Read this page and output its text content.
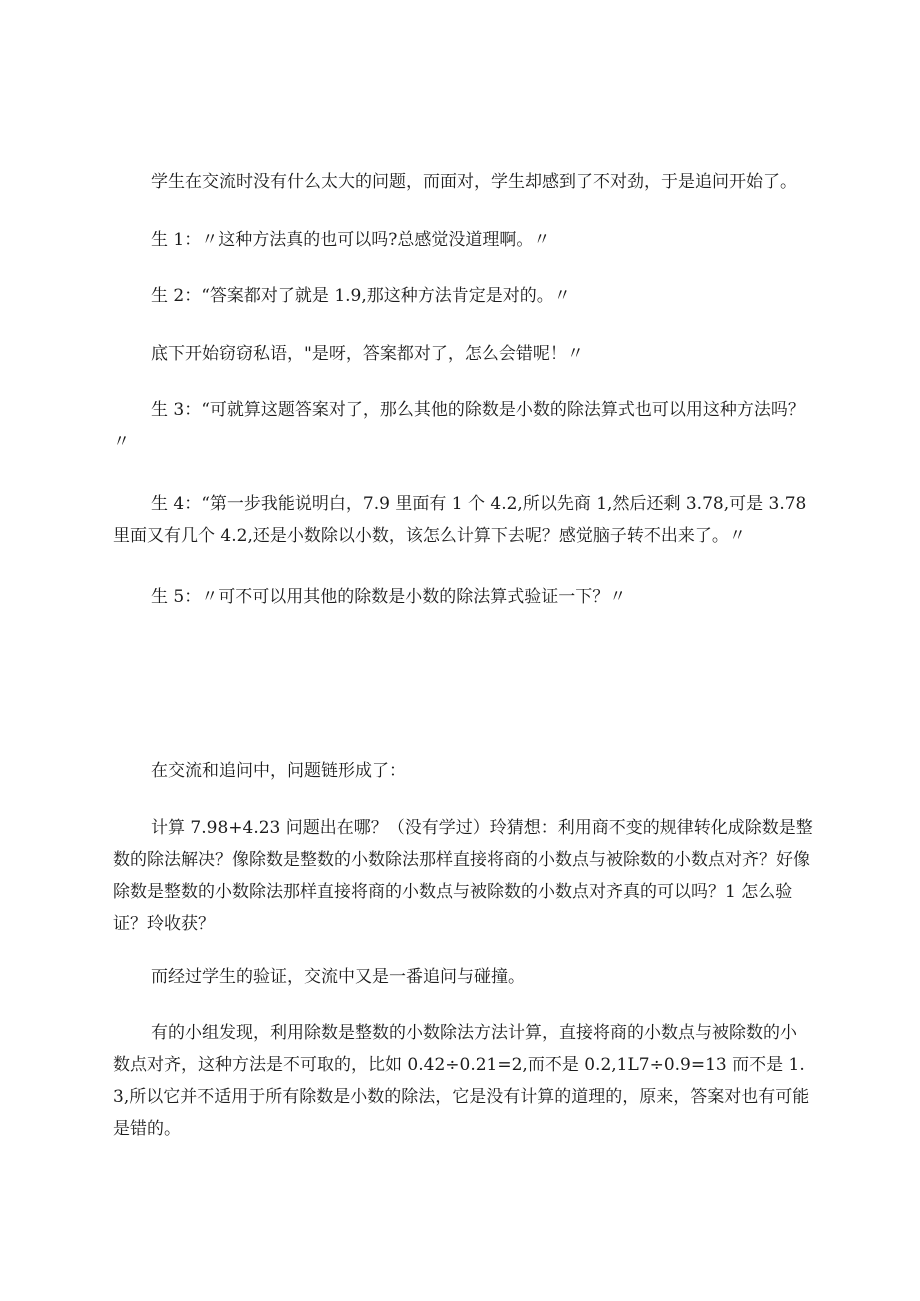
学生在交流时没有什么太大的问题，而面对，学生却感到了不对劲，于是追问开始了。

生 1：〃这种方法真的也可以吗?总感觉没道理啊。〃

生 2：“答案都对了就是 1.9,那这种方法肯定是对的。〃

底下开始窃窃私语，"是呀，答案都对了，怎么会错呢！〃

生 3：“可就算这题答案对了，那么其他的除数是小数的除法算式也可以用这种方法吗？〃

生 4：“第一步我能说明白，7.9 里面有 1 个 4.2,所以先商 1,然后还剩 3.78,可是 3.78 里面又有几个 4.2,还是小数除以小数，该怎么计算下去呢？感觉脑子转不出来了。〃

生 5：〃可不可以用其他的除数是小数的除法算式验证一下？〃

在交流和追问中，问题链形成了：

计算 7.98+4.23 问题出在哪？（没有学过）玲猜想：利用商不变的规律转化成除数是整数的除法解决？像除数是整数的小数除法那样直接将商的小数点与被除数的小数点对齐？好像除数是整数的小数除法那样直接将商的小数点与被除数的小数点对齐真的可以吗？1 怎么验证？玲收获？

而经过学生的验证，交流中又是一番追问与碰撞。

有的小组发现，利用除数是整数的小数除法方法计算，直接将商的小数点与被除数的小数点对齐，这种方法是不可取的，比如 0.42÷0.21=2,而不是 0.2,1L7÷0.9=13 而不是 1.3,所以它并不适用于所有除数是小数的除法，它是没有计算的道理的，原来，答案对也有可能是错的。
